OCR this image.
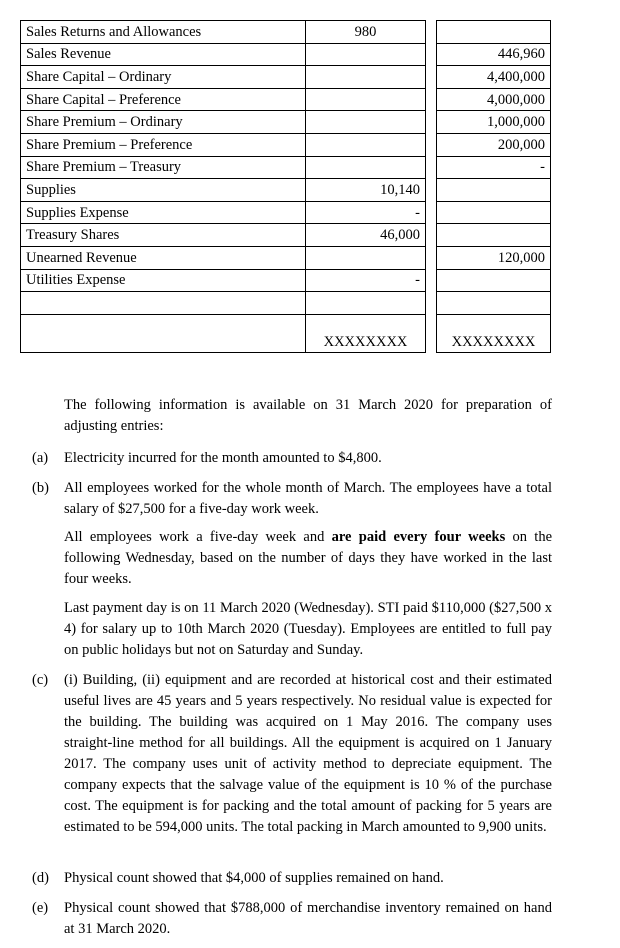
Sales Returns and Allowances	980		
Sales Revenue			446,960
Share Capital – Ordinary			4,400,000
Share Capital – Preference			4,000,000
Share Premium – Ordinary			1,000,000
Share Premium – Preference			200,000
Share Premium – Treasury			-
Supplies	10,140		
Supplies Expense	-		
Treasury Shares	46,000		
Unearned Revenue			120,000
Utilities Expense	-		

	XXXXXXXX		XXXXXXXX
The following information is available on 31 March 2020 for preparation of adjusting entries:
(a)	Electricity incurred for the month amounted to $4,800.
(b)	All employees worked for the whole month of March. The employees have a total salary of $27,500 for a five-day work week.
All employees work a five-day week and are paid every four weeks on the following Wednesday, based on the number of days they have worked in the last four weeks.
Last payment day is on 11 March 2020 (Wednesday). STI paid $110,000 ($27,500 x 4) for salary up to 10th March 2020 (Tuesday). Employees are entitled to full pay on public holidays but not on Saturday and Sunday.
(c)	(i) Building, (ii) equipment and are recorded at historical cost and their estimated useful lives are 45 years and 5 years respectively. No residual value is expected for the building. The building was acquired on 1 May 2016. The company uses straight-line method for all buildings. All the equipment is acquired on 1 January 2017. The company uses unit of activity method to depreciate equipment. The company expects that the salvage value of the equipment is 10 % of the purchase cost. The equipment is for packing and the total amount of packing for 5 years are estimated to be 594,000 units. The total packing in March amounted to 9,900 units.
(d)	Physical count showed that $4,000 of supplies remained on hand.
(e)	Physical count showed that $788,000 of merchandise inventory remained on hand at 31 March 2020.
